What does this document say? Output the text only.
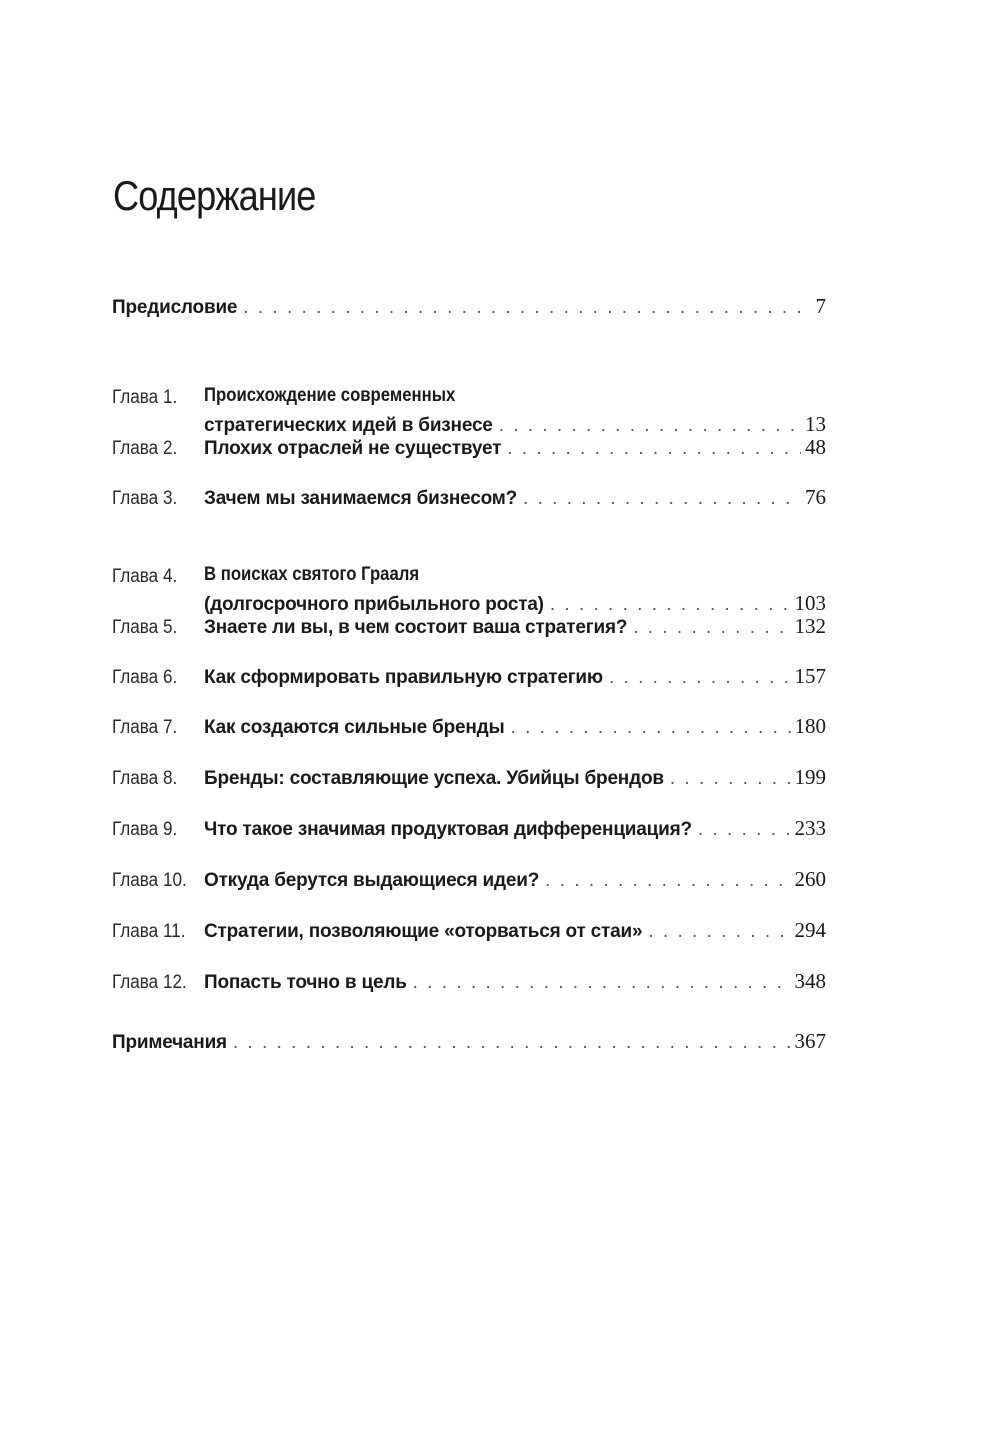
Содержание
Предисловие . . .	7
Глава 1. Происхождение современных
стратегических идей в бизнесе . . .	13
Глава 2. Плохих отраслей не существует . . .	48
Глава 3. Зачем мы занимаемся бизнесом? . . .	76
Глава 4. В поисках святого Грааля
(долгосрочного прибыльного роста) . . .	103
Глава 5. Знаете ли вы, в чем состоит ваша стратегия? . . .	132
Глава 6. Как сформировать правильную стратегию . . .	157
Глава 7. Как создаются сильные бренды . . .	180
Глава 8. Бренды: составляющие успеха. Убийцы брендов . . .	199
Глава 9. Что такое значимая продуктовая дифференциация? . . .	233
Глава 10. Откуда берутся выдающиеся идеи? . . .	260
Глава 11. Стратегии, позволяющие «оторваться от стаи» . . .	294
Глава 12. Попасть точно в цель . . .	348
Примечания . . .	367
